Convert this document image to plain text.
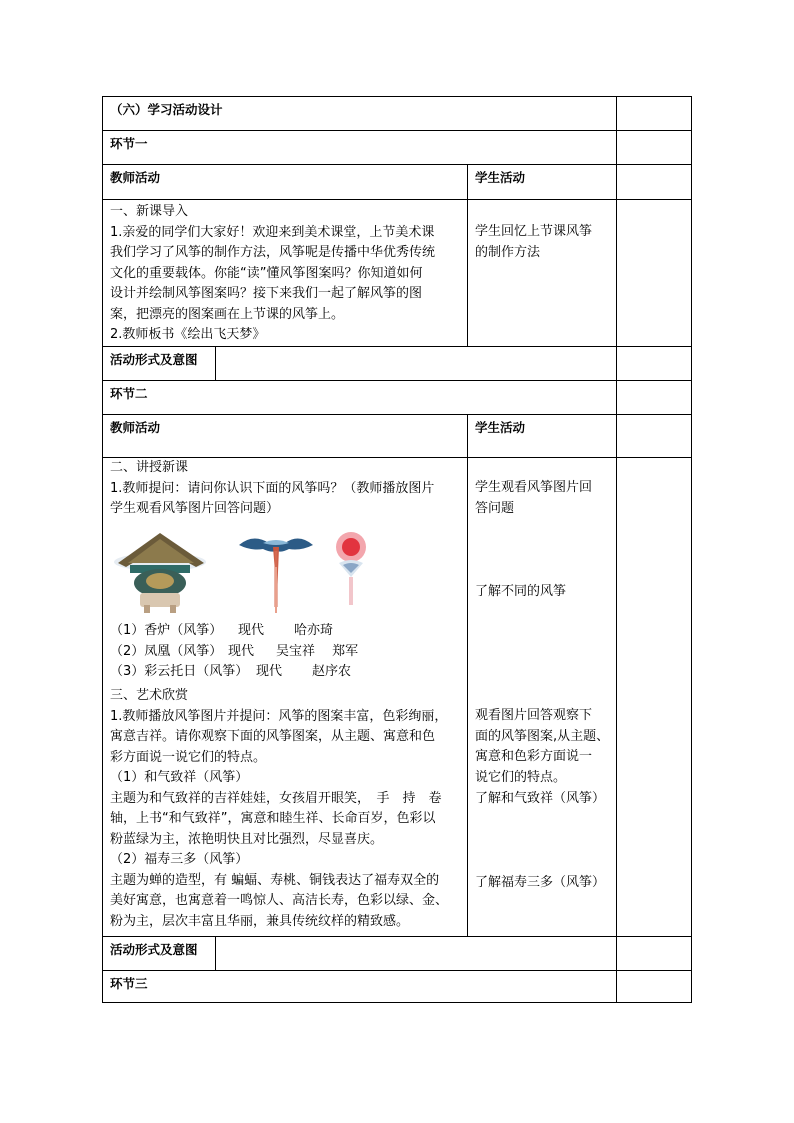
（六）学习活动设计
环节一
教师活动	学生活动
一、新课导入
1.亲爱的同学们大家好！欢迎来到美术课堂，上节美术课
我们学习了风筝的制作方法，风筝呢是传播中华优秀传统
文化的重要载体。你能“读”懂风筝图案吗？你知道如何
设计并绘制风筝图案吗？接下来我们一起了解风筝的图
案，把漂亮的图案画在上节课的风筝上。
2.教师板书《绘出飞天梦》
学生回忆上节课风筝
的制作方法
活动形式及意图
环节二
教师活动	学生活动
二、讲授新课
1.教师提问：请问你认识下面的风筝吗？（教师播放图片
学生观看风筝图片回答问题）
（1）香炉（风筝） 现代 哈亦琦
（2）凤凰（风筝） 现代 吴宝祥　 郑军
（3）彩云托日（风筝） 现代 赵序农
三、艺术欣赏
1.教师播放风筝图片并提问：风筝的图案丰富，色彩绚丽，
寓意吉祥。请你观察下面的风筝图案，从主题、寓意和色
彩方面说一说它们的特点。
（1）和气致祥（风筝）
主题为和气致祥的吉祥娃娃，女孩眉开眼笑，　手　持　卷
轴，上书“和气致祥”，寓意和睦生祥、长命百岁，色彩以
粉蓝绿为主，浓艳明快且对比强烈，尽显喜庆。
（2）福寿三多（风筝）
主题为蝉的造型，有 蝙蝠、寿桃、铜钱表达了福寿双全的
美好寓意，也寓意着一鸣惊人、高洁长寿，色彩以绿、金、
粉为主，层次丰富且华丽，兼具传统纹样的精致感。
学生观看风筝图片回
答问题
了解不同的风筝
观看图片回答观察下
面的风筝图案,从主题、
寓意和色彩方面说一
说它们的特点。
了解和气致祥（风筝）
了解福寿三多（风筝）
活动形式及意图
环节三
